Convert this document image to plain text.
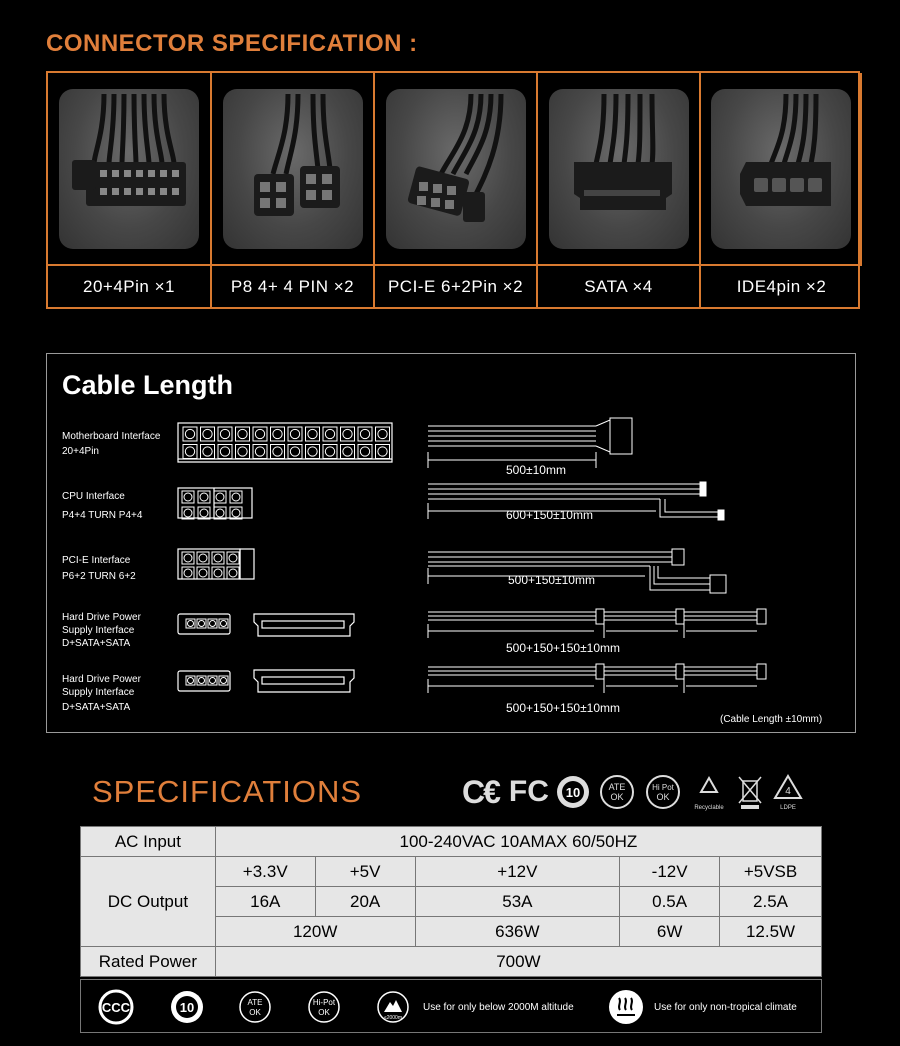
CONNECTOR SPECIFICATION :
20+4Pin ×1	P8 4+ 4 PIN ×2	PCI-E 6+2Pin ×2	SATA ×4	IDE4pin ×2
Cable Length
Motherboard Interface
20+4Pin
CPU Interface
P4+4 TURN P4+4
PCI-E Interface
P6+2 TURN 6+2
Hard Drive Power
Supply Interface
D+SATA+SATA
Hard Drive Power
Supply Interface
D+SATA+SATA
500±10mm
600+150±10mm
500+150±10mm
500+150+150±10mm
500+150+150±10mm
(Cable Length ±10mm)
SPECIFICATIONS	C€ FC 10	ATE
OK
Hi Pot
OK
Recyclable
4
LDPE
AC Input	100-240VAC 10AMAX 60/50HZ				
DC Output	+3.3V	+5V	+12V	-12V	+5VSB
	16A	20A	53A	0.5A	2.5A
	120W		636W	6W	12.5W
Rated Power	700W				
CCC	10	ATE
OK
Hi-Pot
OK
≤2000m
Use for only below 2000M altitude	Use for only non-tropical climate
